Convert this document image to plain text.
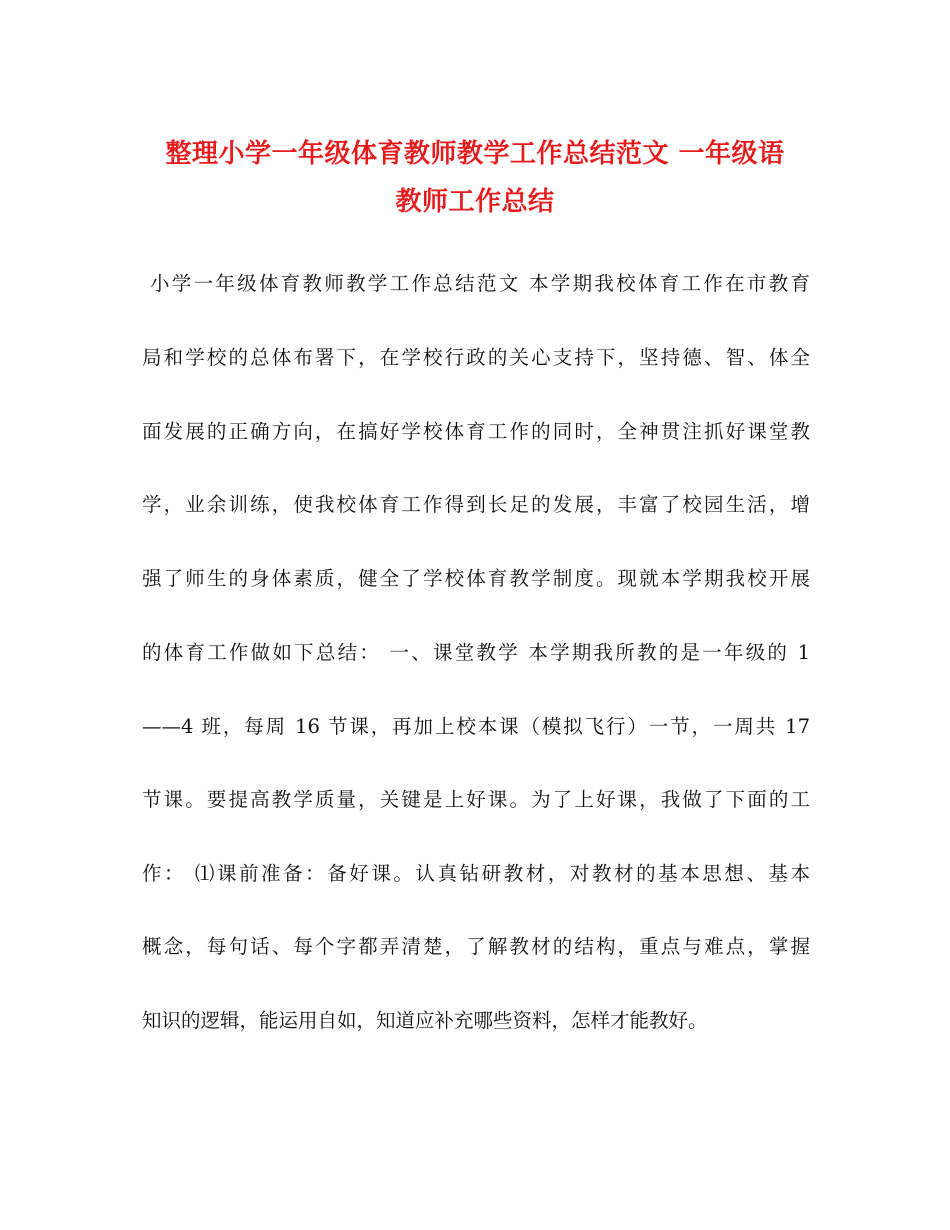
整理小学一年级体育教师教学工作总结范文 一年级语
教师工作总结
小学一年级体育教师教学工作总结范文 本学期我校体育工作在市教育
局和学校的总体布署下，在学校行政的关心支持下，坚持德、智、体全
面发展的正确方向，在搞好学校体育工作的同时，全神贯注抓好课堂教
学，业余训练，使我校体育工作得到长足的发展，丰富了校园生活，增
强了师生的身体素质，健全了学校体育教学制度。现就本学期我校开展
的体育工作做如下总结： 一、课堂教学 本学期我所教的是一年级的 1
——4 班，每周 16 节课，再加上校本课（模拟飞行）一节，一周共 17
节课。要提高教学质量，关键是上好课。为了上好课，我做了下面的工
作： ⑴课前准备：备好课。认真钻研教材，对教材的基本思想、基本
概念，每句话、每个字都弄清楚，了解教材的结构，重点与难点，掌握
知识的逻辑，能运用自如，知道应补充哪些资料，怎样才能教好。
